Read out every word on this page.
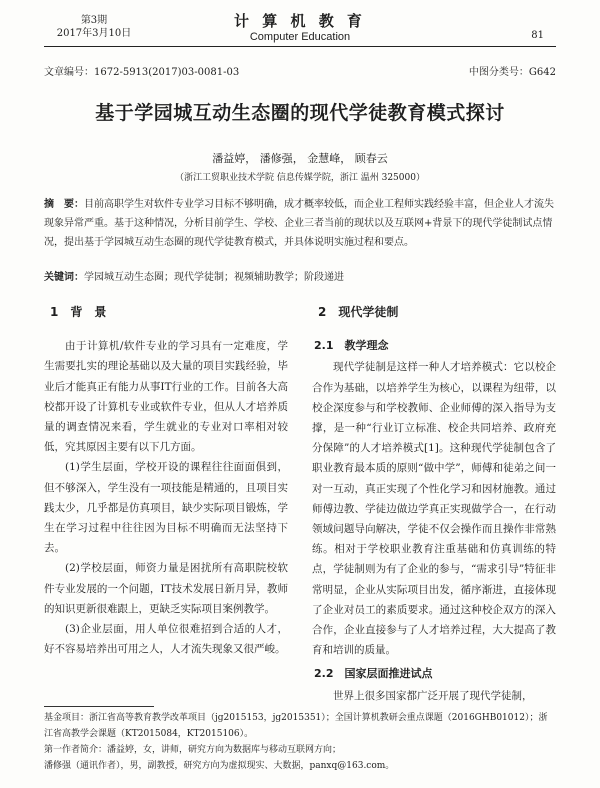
第3期
2017年3月10日
计 算 机 教 育
Computer Education	81
文章编号：1672-5913(2017)03-0081-03	中图分类号：G642
基于学园城互动生态圈的现代学徒教育模式探讨
潘益婷， 潘修强， 金慧峰， 顾春云
（浙江工贸职业技术学院 信息传媒学院，浙江 温州 325000）
摘　要：目前高职学生对软件专业学习目标不够明确，成才概率较低，而企业工程师实践经验丰富，但企业人才流失现象异常严重。基于这种情况，分析目前学生、学校、企业三者当前的现状以及互联网+背景下的现代学徒制试点情况，提出基于学园城互动生态圈的现代学徒教育模式，并具体说明实施过程和要点。
关键词：学园城互动生态圈；现代学徒制；视频辅助教学；阶段递进
1　背　景

由于计算机/软件专业的学习具有一定难度，学生需要扎实的理论基础以及大量的项目实践经验，毕业后才能真正有能力从事IT行业的工作。目前各大高校都开设了计算机专业或软件专业，但从人才培养质量的调查情况来看，学生就业的专业对口率相对较低，究其原因主要有以下几方面。

(1)学生层面，学校开设的课程往往面面俱到，但不够深入，学生没有一项技能是精通的，且项目实践太少，几乎都是仿真项目，缺少实际项目锻炼，学生在学习过程中往往因为目标不明确而无法坚持下去。

(2)学校层面，师资力量是困扰所有高职院校软件专业发展的一个问题，IT技术发展日新月异，教师的知识更新很难跟上，更缺乏实际项目案例教学。

(3)企业层面，用人单位很难招到合适的人才，好不容易培养出可用之人，人才流失现象又很严峻。

2　现代学徒制
2.1　教学理念

现代学徒制是这样一种人才培养模式：它以校企合作为基础，以培养学生为核心，以课程为纽带，以校企深度参与和学校教师、企业师傅的深入指导为支撑，是一种“行业订立标准、校企共同培养、政府充分保障”的人才培养模式[1]。这种现代学徒制包含了职业教育最本质的原则“做中学”，师傅和徒弟之间一对一互动，真正实现了个性化学习和因材施教。通过师傅边教、学徒边做边学真正实现做学合一，在行动领域问题导向解决，学徒不仅会操作而且操作非常熟练。相对于学校职业教育注重基础和仿真训练的特点，学徒制则为有了企业的参与，“需求引导”特征非常明显，企业从实际项目出发，循序渐进，直接体现了企业对员工的素质要求。通过这种校企双方的深入合作，企业直接参与了人才培养过程，大大提高了教育和培训的质量。

2.2　国家层面推进试点

世界上很多国家都广泛开展了现代学徒制，

基金项目：浙江省高等教育教学改革项目（jg2015153，jg2015351）；全国计算机教研会重点课题（2016GHB01012）；浙江省高教学会课题（KT2015084，KT2015106）。

第一作者简介：潘益婷，女，讲师，研究方向为数据库与移动互联网方向；

潘修强（通讯作者），男，副教授，研究方向为虚拟现实、大数据，panxq@163.com。
